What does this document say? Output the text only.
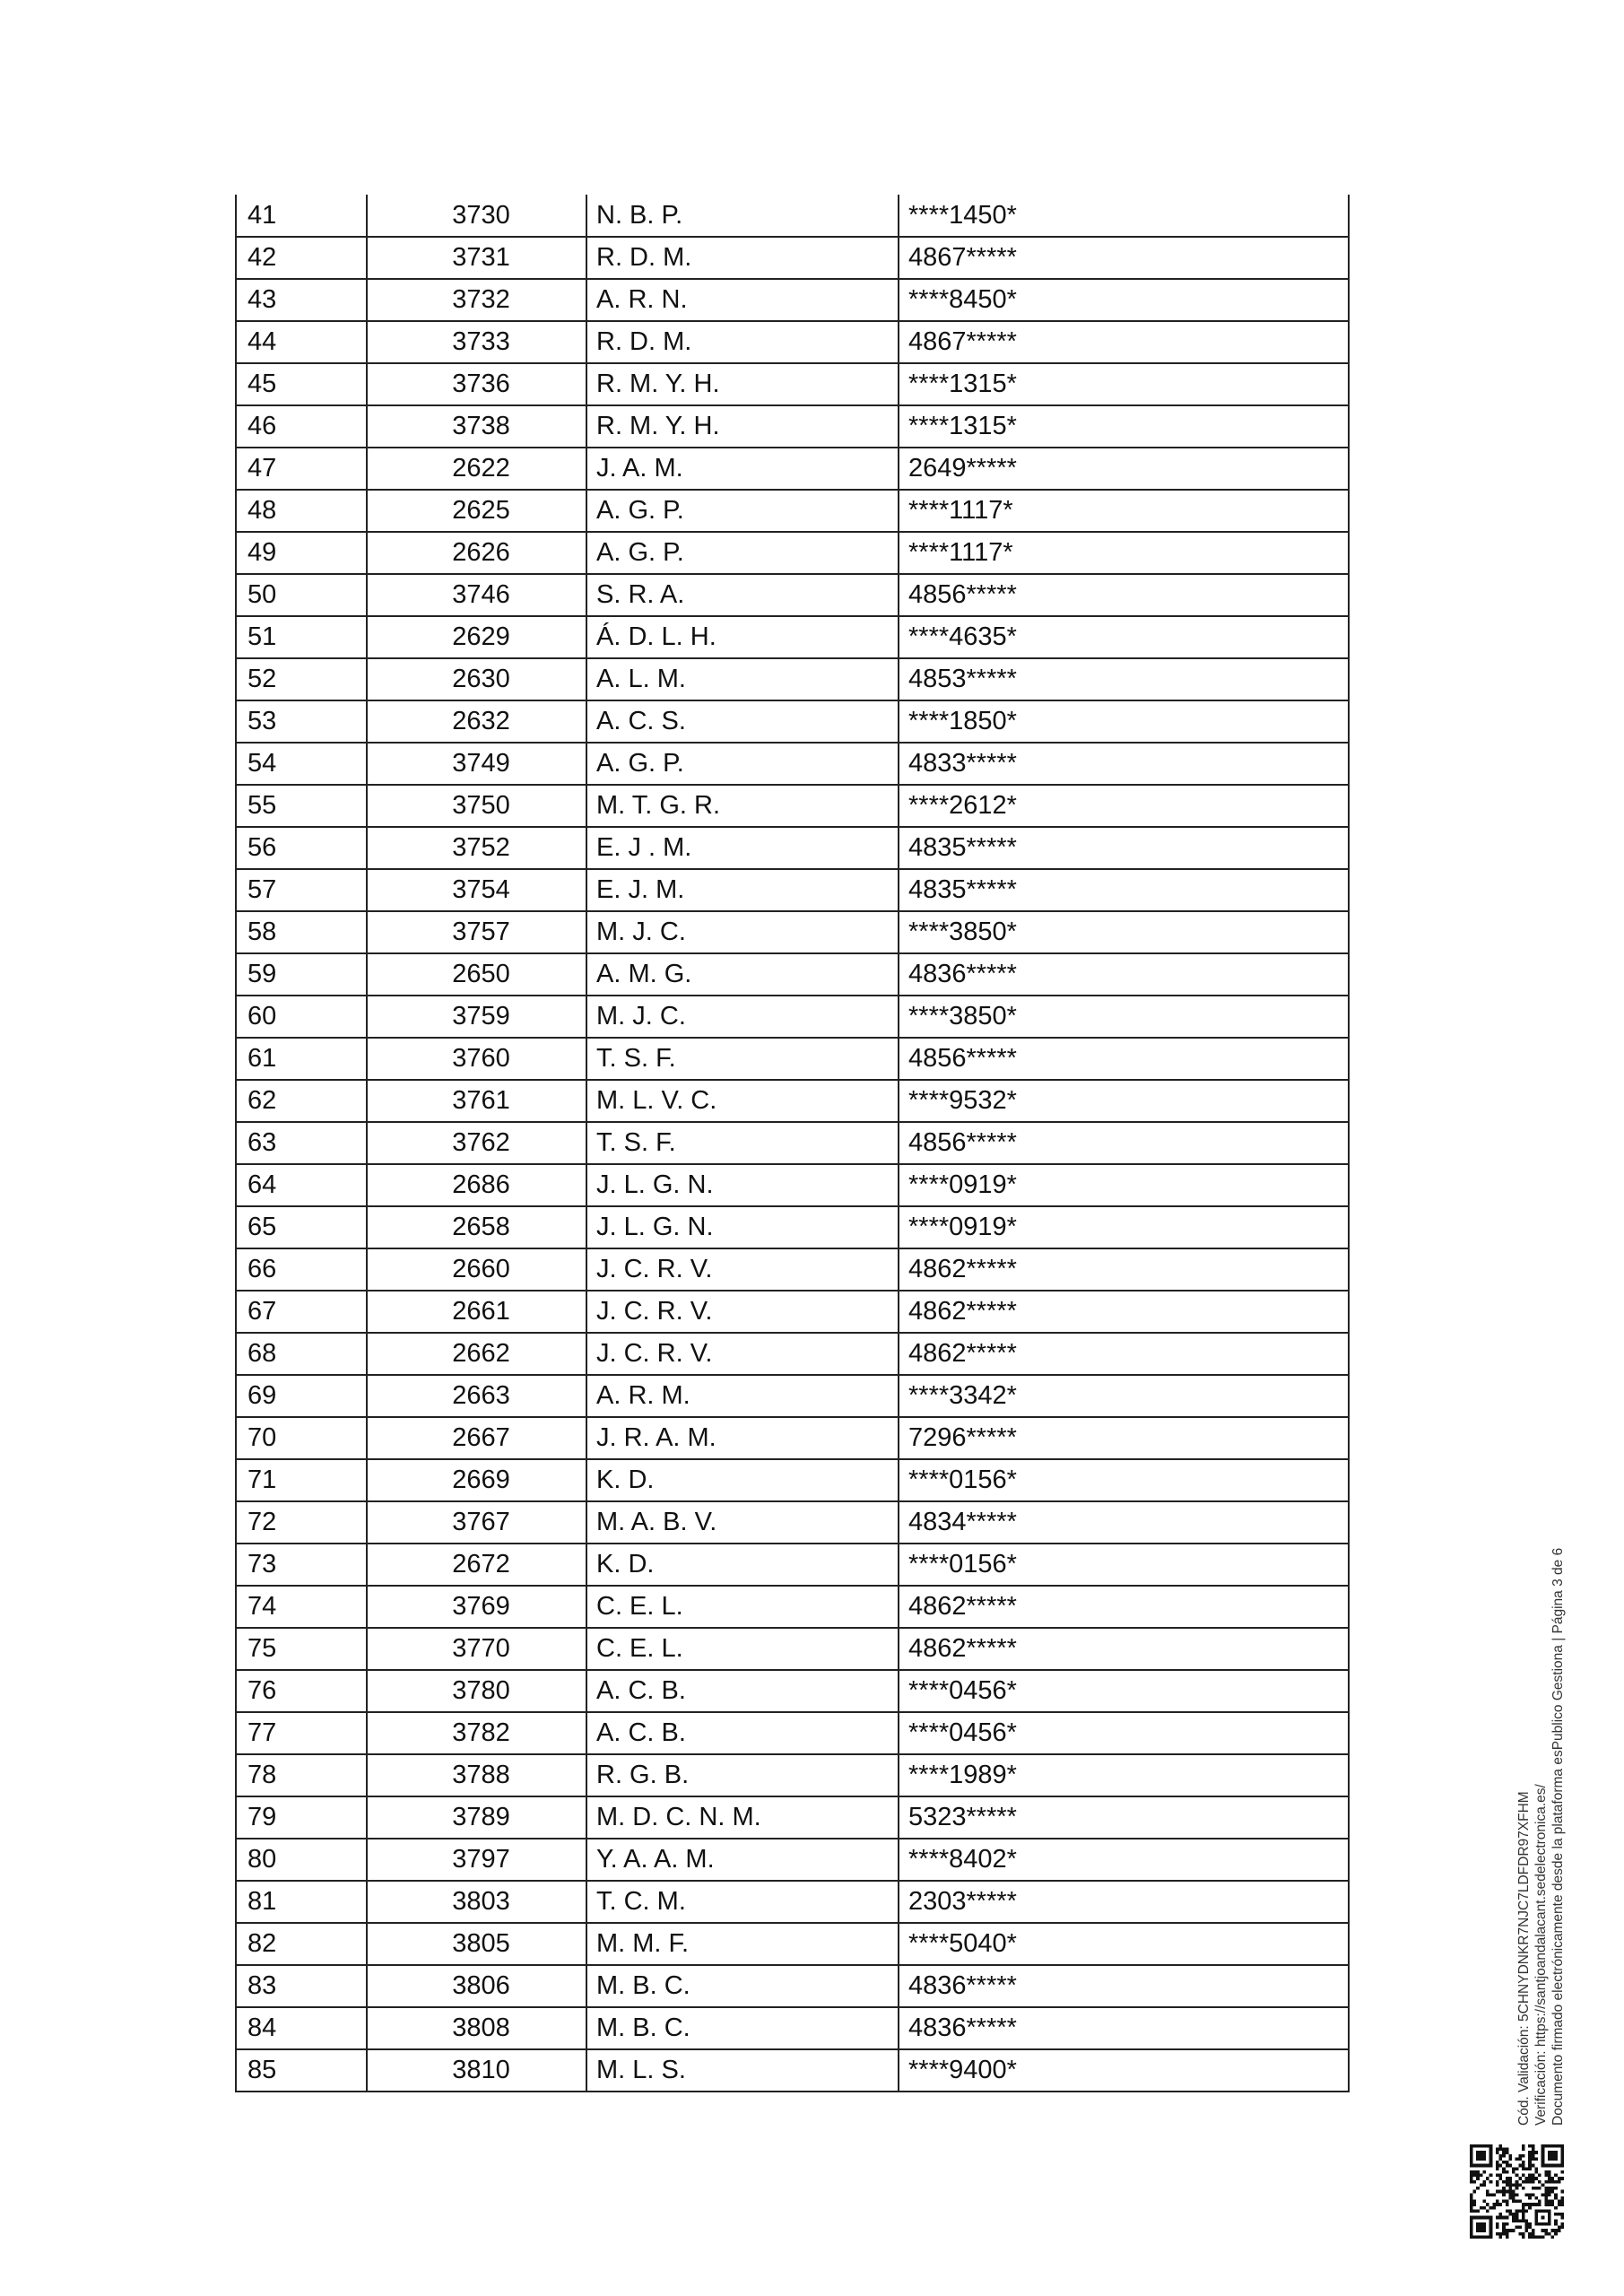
41	3730	N. B. P.	****1450*
42	3731	R. D. M.	4867*****
43	3732	A. R. N.	****8450*
44	3733	R. D. M.	4867*****
45	3736	R. M. Y. H.	****1315*
46	3738	R. M. Y. H.	****1315*
47	2622	J. A. M.	2649*****
48	2625	A. G. P.	****1117*
49	2626	A. G. P.	****1117*
50	3746	S. R. A.	4856*****
51	2629	Á. D. L. H.	****4635*
52	2630	A. L. M.	4853*****
53	2632	A. C. S.	****1850*
54	3749	A. G. P.	4833*****
55	3750	M. T. G. R.	****2612*
56	3752	E. J . M.	4835*****
57	3754	E. J. M.	4835*****
58	3757	M. J. C.	****3850*
59	2650	A. M. G.	4836*****
60	3759	M. J. C.	****3850*
61	3760	T. S. F.	4856*****
62	3761	M. L. V. C.	****9532*
63	3762	T. S. F.	4856*****
64	2686	J. L. G. N.	****0919*
65	2658	J. L. G. N.	****0919*
66	2660	J. C. R. V.	4862*****
67	2661	J. C. R. V.	4862*****
68	2662	J. C. R. V.	4862*****
69	2663	A. R. M.	****3342*
70	2667	J. R. A. M.	7296*****
71	2669	K. D.	****0156*
72	3767	M. A. B. V.	4834*****
73	2672	K. D.	****0156*
74	3769	C. E. L.	4862*****
75	3770	C. E. L.	4862*****
76	3780	A. C. B.	****0456*
77	3782	A. C. B.	****0456*
78	3788	R. G. B.	****1989*
79	3789	M. D. C. N. M.	5323*****
80	3797	Y. A. A. M.	****8402*
81	3803	T. C. M.	2303*****
82	3805	M. M. F.	****5040*
83	3806	M. B. C.	4836*****
84	3808	M. B. C.	4836*****
85	3810	M. L. S.	****9400*	Cód. Validación: 5CHNYDNKR7NJC7LDFDR97XFHM Verificación: https://santjoandalacant.sedelectronica.es/ Documento firmado electrónicamente desde la plataforma esPublico Gestiona | Página 3 de 6
